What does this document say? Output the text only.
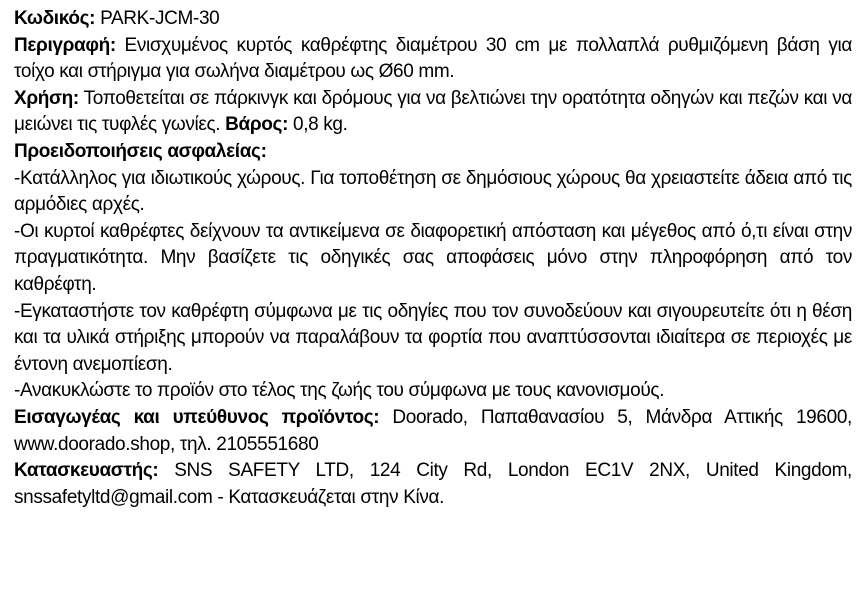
Κωδικός: PARK-JCM-30

Περιγραφή: Ενισχυμένος κυρτός καθρέφτης διαμέτρου 30 cm με πολλαπλά ρυθμιζόμενη βάση για τοίχο και στήριγμα για σωλήνα διαμέτρου ως Ø60 mm.

Χρήση: Τοποθετείται σε πάρκινγκ και δρόμους για να βελτιώνει την ορατότητα οδηγών και πεζών και να μειώνει τις τυφλές γωνίες. Βάρος: 0,8 kg.

Προειδοποιήσεις ασφαλείας:

-Κατάλληλος για ιδιωτικούς χώρους. Για τοποθέτηση σε δημόσιους χώρους θα χρειαστείτε άδεια από τις αρμόδιες αρχές.

-Οι κυρτοί καθρέφτες δείχνουν τα αντικείμενα σε διαφορετική απόσταση και μέγεθος από ό,τι είναι στην πραγματικότητα. Μην βασίζετε τις οδηγικές σας αποφάσεις μόνο στην πληροφόρηση από τον καθρέφτη.

-Εγκαταστήστε τον καθρέφτη σύμφωνα με τις οδηγίες που τον συνοδεύουν και σιγουρευτείτε ότι η θέση και τα υλικά στήριξης μπορούν να παραλάβουν τα φορτία που αναπτύσσονται ιδιαίτερα σε περιοχές με έντονη ανεμοπίεση.

-Ανακυκλώστε το προϊόν στο τέλος της ζωής του σύμφωνα με τους κανονισμούς.

Εισαγωγέας και υπεύθυνος προϊόντος: Doorado, Παπαθανασίου 5, Μάνδρα Αττικής 19600, www.doorado.shop, τηλ. 2105551680

Κατασκευαστής: SNS SAFETY LTD, 124 City Rd, London EC1V 2NX, United Kingdom, snssafetyltd@gmail.com - Κατασκευάζεται στην Κίνα.
